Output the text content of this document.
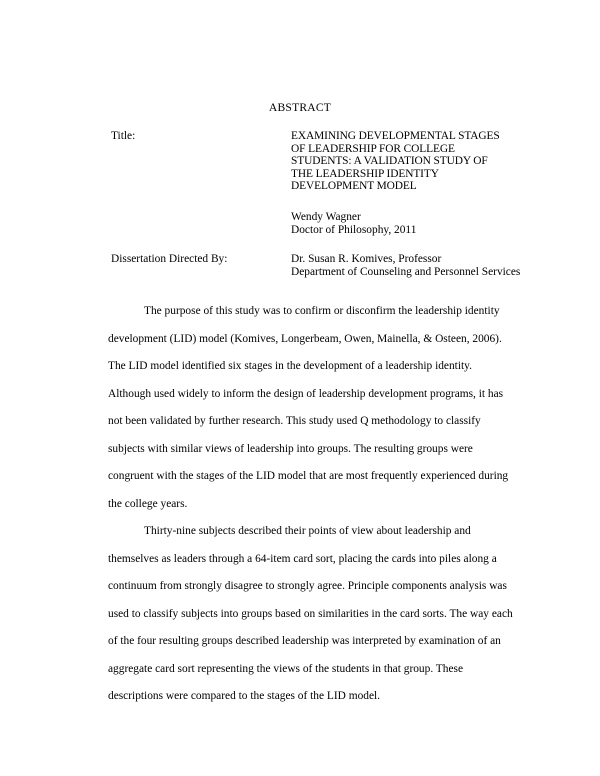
ABSTRACT
Title:	EXAMINING DEVELOPMENTAL STAGES
OF LEADERSHIP FOR COLLEGE
STUDENTS: A VALIDATION STUDY OF
THE LEADERSHIP IDENTITY
DEVELOPMENT MODEL
Wendy Wagner
Doctor of Philosophy, 2011
Dissertation Directed By:	Dr. Susan R. Komives, Professor
Department of Counseling and Personnel Services
The purpose of this study was to confirm or disconfirm the leadership identity
development (LID) model (Komives, Longerbeam, Owen, Mainella, & Osteen, 2006).
The LID model identified six stages in the development of a leadership identity.
Although used widely to inform the design of leadership development programs, it has
not been validated by further research. This study used Q methodology to classify
subjects with similar views of leadership into groups. The resulting groups were
congruent with the stages of the LID model that are most frequently experienced during
the college years.
Thirty-nine subjects described their points of view about leadership and
themselves as leaders through a 64-item card sort, placing the cards into piles along a
continuum from strongly disagree to strongly agree. Principle components analysis was
used to classify subjects into groups based on similarities in the card sorts. The way each
of the four resulting groups described leadership was interpreted by examination of an
aggregate card sort representing the views of the students in that group. These
descriptions were compared to the stages of the LID model.
